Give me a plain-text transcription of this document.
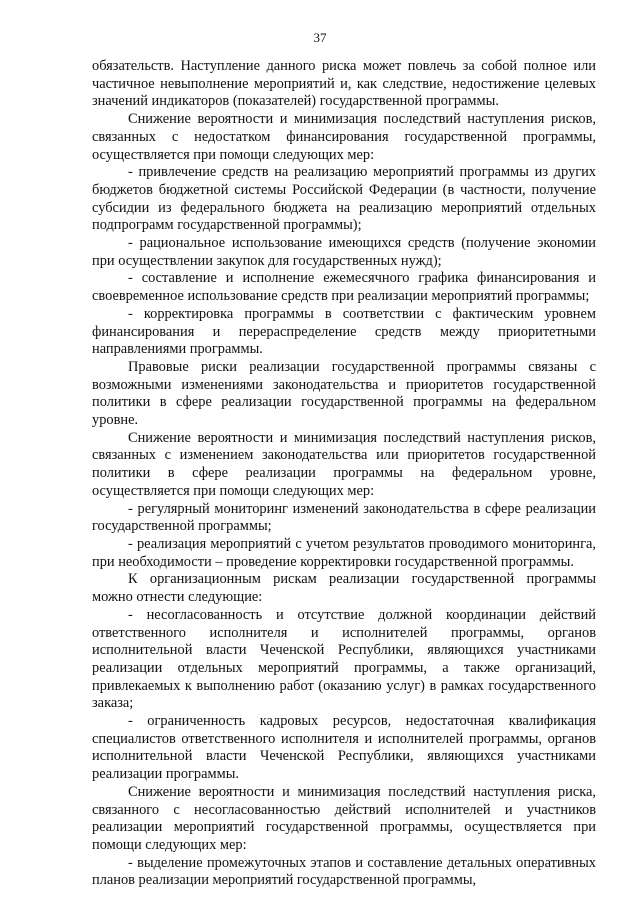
37

обязательств. Наступление данного риска может повлечь за собой полное или частичное невыполнение мероприятий и, как следствие, недостижение целевых значений индикаторов (показателей) государственной программы.

Снижение вероятности и минимизация последствий наступления рисков, связанных с недостатком финансирования государственной программы, осуществляется при помощи следующих мер:

- привлечение средств на реализацию мероприятий программы из других бюджетов бюджетной системы Российской Федерации (в частности, получение субсидии из федерального бюджета на реализацию мероприятий отдельных подпрограмм государственной программы);

- рациональное использование имеющихся средств (получение экономии при осуществлении закупок для государственных нужд);

- составление и исполнение ежемесячного графика финансирования и своевременное использование средств при реализации мероприятий программы;

- корректировка программы в соответствии с фактическим уровнем финансирования и перераспределение средств между приоритетными направлениями программы.

Правовые риски реализации государственной программы связаны с возможными изменениями законодательства и приоритетов государственной политики в сфере реализации государственной программы на федеральном уровне.

Снижение вероятности и минимизация последствий наступления рисков, связанных с изменением законодательства или приоритетов государственной политики в сфере реализации программы на федеральном уровне, осуществляется при помощи следующих мер:

- регулярный мониторинг изменений законодательства в сфере реализации государственной программы;

- реализация мероприятий с учетом результатов проводимого мониторинга, при необходимости – проведение корректировки государственной программы.

К организационным рискам реализации государственной программы можно отнести следующие:

- несогласованность и отсутствие должной координации действий ответственного исполнителя и исполнителей программы, органов исполнительной власти Чеченской Республики, являющихся участниками реализации отдельных мероприятий программы, а также организаций, привлекаемых к выполнению работ (оказанию услуг) в рамках государственного заказа;

- ограниченность кадровых ресурсов, недостаточная квалификация специалистов ответственного исполнителя и исполнителей программы, органов исполнительной власти Чеченской Республики, являющихся участниками реализации программы.

Снижение вероятности и минимизация последствий наступления риска, связанного с несогласованностью действий исполнителей и участников реализации мероприятий государственной программы, осуществляется при помощи следующих мер:

- выделение промежуточных этапов и составление детальных оперативных планов реализации мероприятий государственной программы,
